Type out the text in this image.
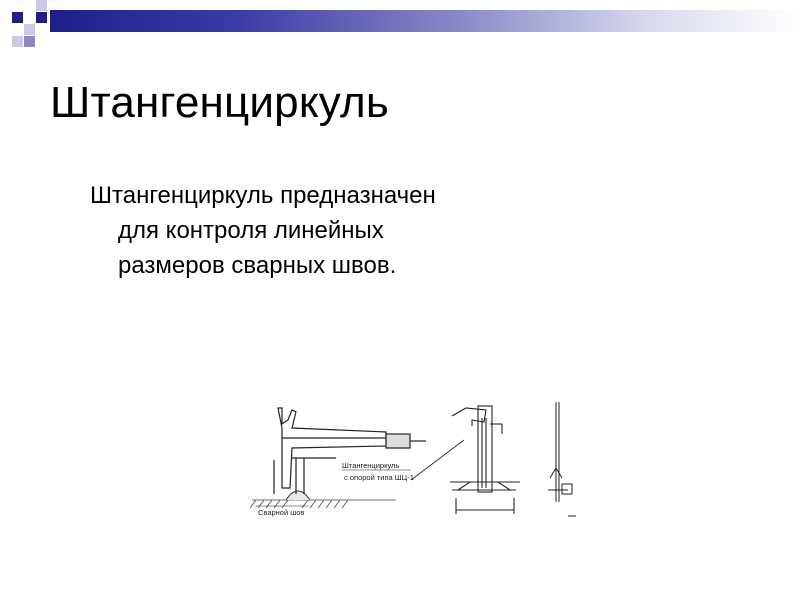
Штангенциркуль
Штангенциркуль предназначен для контроля линейных размеров сварных швов.
Штангенциркуль
с опорой типа ШЦ-1
Сварной шов
